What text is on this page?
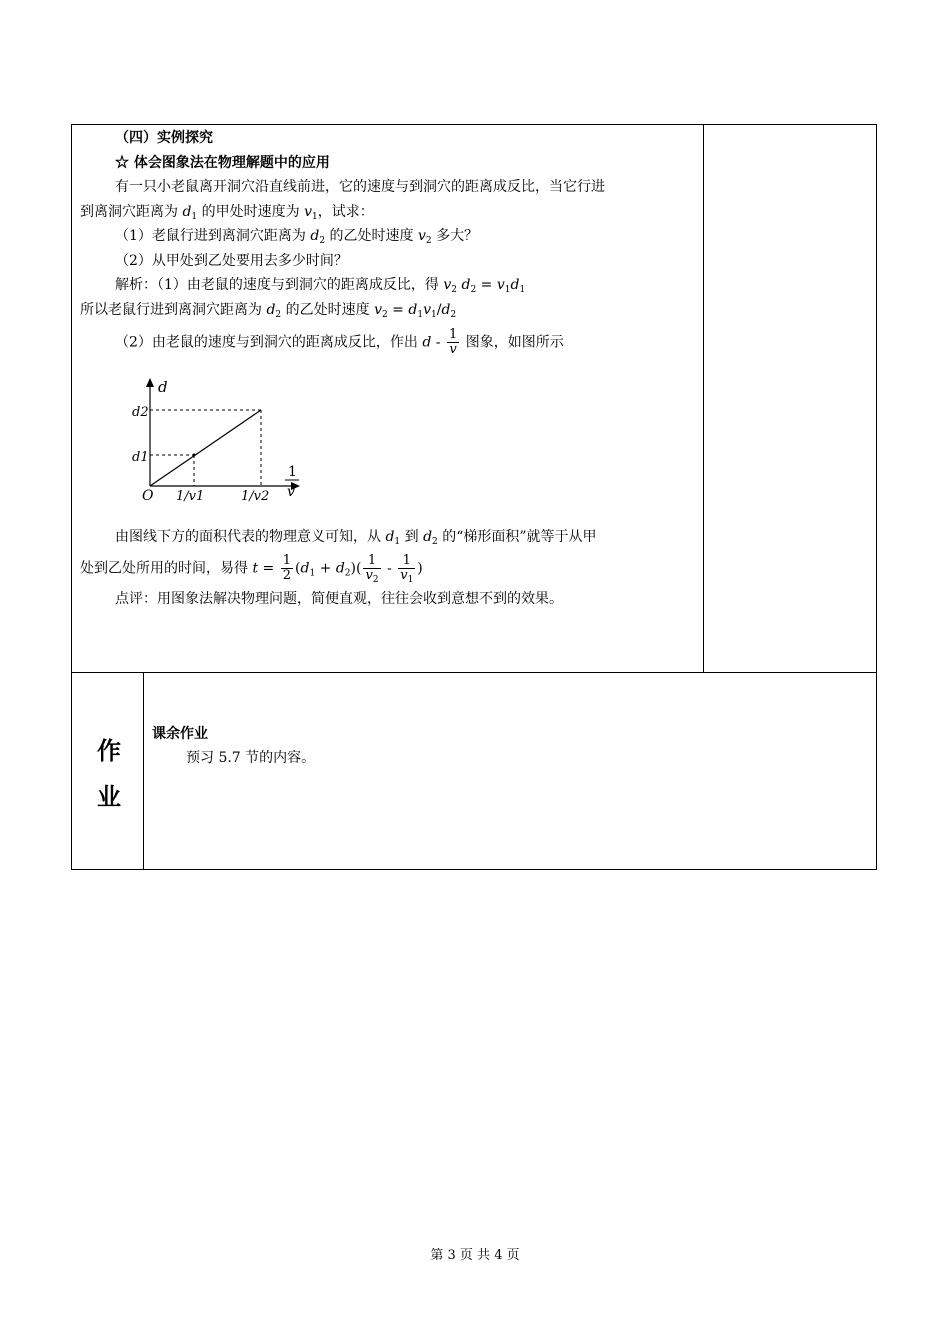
（四）实例探究
☆ 体会图象法在物理解题中的应用
有一只小老鼠离开洞穴沿直线前进，它的速度与到洞穴的距离成反比，当它行进
到离洞穴距离为 $d_1$ 的甲处时速度为 $v_1$，试求：
（1）老鼠行进到离洞穴距离为 $d_2$ 的乙处时速度 $v_2$ 多大？
（2）从甲处到乙处要用去多少时间？
解析：（1）由老鼠的速度与到洞穴的距离成反比，得 $v_2$ $d_2 = v_1d_1$
所以老鼠行进到离洞穴距离为 $d_2$ 的乙处时速度 $v_2 = d_1v_1/d_2$
（2）由老鼠的速度与到洞穴的距离成反比，作出 d - $\frac{1}{v}$ 图象，如图所示
由图线下方的面积代表的物理意义可知，从 $d_1$ 到 $d_2$ 的“梯形面积”就等于从甲
处到乙处所用的时间，易得 $t = \frac{1}{2} (d_1 + d_2)( \frac{1}{v_2} - \frac{1}{v_1}$ )
点评：用图象法解决物理问题，简便直观，往往会收到意想不到的效果。
d
d2
d1
O 1/v1	1/v2
1
v
作
业
课余作业
预习 5.7 节的内容。
第 3 页 共 4 页
